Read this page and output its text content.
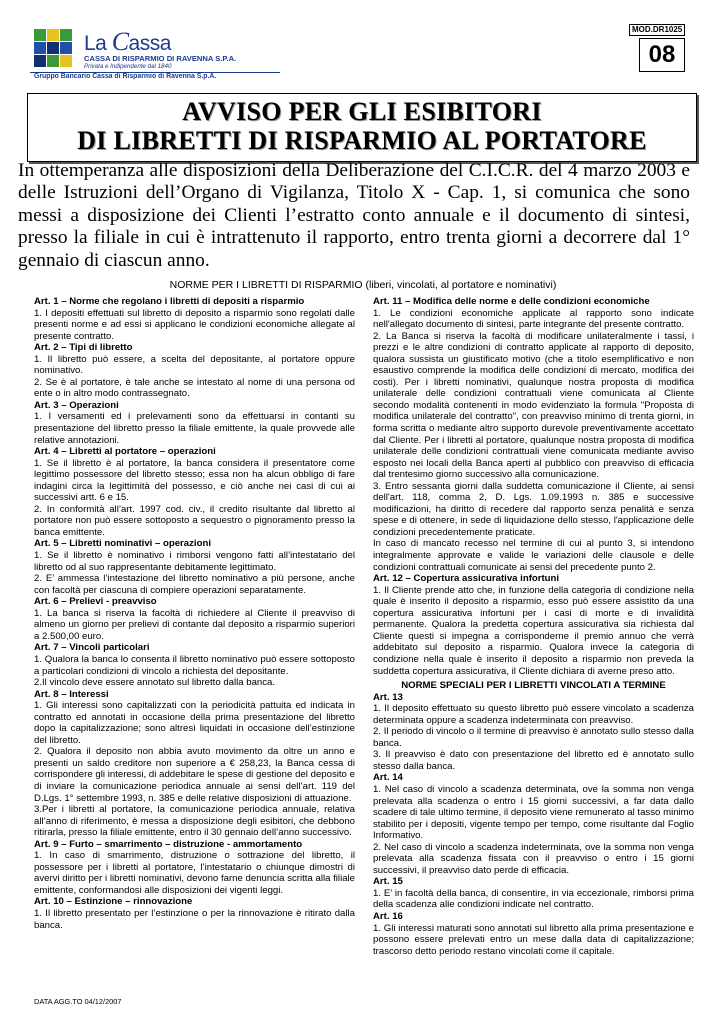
La Cassa
CASSA DI RISPARMIO DI RAVENNA S.P.A.
Privata e Indipendente dal 1840
Gruppo Bancario Cassa di Risparmio di Ravenna S.p.A.
MOD.DR1025
08
AVVISO PER GLI ESIBITORI
DI LIBRETTI DI RISPARMIO AL PORTATORE
In ottemperanza alle disposizioni della Deliberazione del C.I.C.R. del 4 marzo 2003 e delle Istruzioni dell’Organo di Vigilanza, Titolo X - Cap. 1, si comunica che sono messi a disposizione dei Clienti l’estratto conto annuale e il documento di sintesi, presso la filiale in cui è intrattenuto il rapporto, entro trenta giorni a decorrere dal 1° gennaio di ciascun anno.
NORME PER I LIBRETTI DI RISPARMIO (liberi, vincolati, al portatore e nominativi)
Art. 1 – Norme che regolano i libretti di depositi a risparmio
1. I depositi effettuati sul libretto di deposito a risparmio sono regolati dalle presenti norme e ad essi si applicano le condizioni economiche allegate al presente contratto.
Art. 2 – Tipi di libretto
1. Il libretto può essere, a scelta del depositante, al portatore oppure nominativo.
2. Se è al portatore, è tale anche se intestato al nome di una persona od ente o in altro modo contrassegnato.
Art. 3 – Operazioni
1. I versamenti ed i prelevamenti sono da effettuarsi in contanti su presentazione del libretto presso la filiale emittente, la quale provvede alle relative annotazioni.
Art. 4 – Libretti al portatore – operazioni
1. Se il libretto è al portatore, la banca considera il presentatore come legittimo possessore del libretto stesso; essa non ha alcun obbligo di fare indagini circa la legittimità del possesso, e ciò anche nei casi di cui ai successivi artt. 6 e 15.
2. In conformità all’art. 1997 cod. civ., il credito risultante dal libretto al portatore non può essere sottoposto a sequestro o pignoramento presso la banca emittente.
Art. 5 – Libretti nominativi – operazioni
1. Se il libretto è nominativo i rimborsi vengono fatti all’intestatario del libretto od al suo rappresentante debitamente legittimato.
2. E’ ammessa l’intestazione del libretto nominativo a più persone, anche con facoltà per ciascuna di compiere operazioni separatamente.
Art. 6 – Prelievi - preavviso
1. La banca si riserva la facoltà di richiedere al Cliente il preavviso di almeno un giorno per prelievi di contante dal deposito a risparmio superiori a 2.500,00 euro.
Art. 7 – Vincoli particolari
1. Qualora la banca lo consenta il libretto nominativo può essere sottoposto a particolari condizioni di vincolo a richiesta del depositante.
2.Il vincolo deve essere annotato sul libretto dalla banca.
Art. 8 – Interessi
1. Gli interessi sono capitalizzati con la periodicità pattuita ed indicata in contratto ed annotati in occasione della prima presentazione del libretto dopo la capitalizzazione; sono altresì liquidati in occasione dell’estinzione del libretto.
2. Qualora il deposito non abbia avuto movimento da oltre un anno e presenti un saldo creditore non superiore a € 258,23, la Banca cessa di corrispondere gli interessi, di addebitare le spese di gestione del deposito e di inviare la comunicazione periodica annuale ai sensi dell’art. 119 del D.Lgs. 1° settembre 1993, n. 385 e delle relative disposizioni di attuazione.
3.Per i libretti al portatore, la comunicazione periodica annuale, relativa all’anno di riferimento, è messa a disposizione degli esibitori, che debbono ritirarla, presso la filiale emittente, entro il 30 gennaio dell’anno successivo.
Art. 9 – Furto – smarrimento – distruzione - ammortamento
1. In caso di smarrimento, distruzione o sottrazione del libretto, il possessore per i libretti al portatore, l’intestatario o chiunque dimostri di avervi diritto per i libretti nominativi, devono farne denuncia scritta alla filiale emittente, conformandosi alle disposizioni dei vigenti leggi.
Art. 10 – Estinzione – rinnovazione
1. Il libretto presentato per l’estinzione o per la rinnovazione è ritirato dalla banca.
Art. 11 – Modifica delle norme e delle condizioni economiche
1. Le condizioni economiche applicate al rapporto sono indicate nell'allegato documento di sintesi, parte integrante del presente contratto.
2. La Banca si riserva la facoltà di modificare unilateralmente i tassi, i prezzi e le altre condizioni di contratto applicate al rapporto di deposito, qualora sussista un giustificato motivo (che a titolo esemplificativo e non esaustivo comprende la modifica delle condizioni di mercato, modifica dei costi). Per i libretti nominativi, qualunque nostra proposta di modifica unilaterale delle condizioni contrattuali viene comunicata al Cliente secondo modalità contenenti in modo evidenziato la formula "Proposta di modifica unilaterale del contratto", con preavviso minimo di trenta giorni, in forma scritta o mediante altro supporto durevole preventivamente accettato dal Cliente. Per i libretti al portatore, qualunque nostra proposta di modifica unilaterale delle condizioni contrattuali viene comunicata mediante avviso esposto nei locali della Banca aperti al pubblico con preavviso di efficacia dal trentesimo giorno successivo alla comunicazione.
3. Entro sessanta giorni dalla suddetta comunicazione il Cliente, ai sensi dell'art. 118, comma 2, D. Lgs. 1.09.1993 n. 385 e successive modificazioni, ha diritto di recedere dal rapporto senza penalità e senza spese e di ottenere, in sede di liquidazione dello stesso, l'applicazione delle condizioni precedentemente praticate.
In caso di mancato recesso nel termine di cui al punto 3, si intendono integralmente approvate e valide le variazioni delle clausole e delle condizioni contrattuali comunicate ai sensi del precedente punto 2.
Art. 12 – Copertura assicurativa infortuni
1. Il Cliente prende atto che, in funzione della categoria di condizione nella quale è inserito il deposito a risparmio, esso può essere assistito da una copertura assicurativa infortuni per i casi di morte e di invalidità permanente. Qualora la predetta copertura assicurativa sia richiesta dal Cliente questi si impegna a corrisponderne il premio annuo che verrà addebitato sul deposito a risparmio. Qualora invece la categoria di condizione nella quale è inserito il deposito a risparmio non preveda la suddetta copertura assicurativa, il Cliente dichiara di averne preso atto.
NORME SPECIALI PER I LIBRETTI VINCOLATI A TERMINE
Art. 13
1. Il deposito effettuato su questo libretto può essere vincolato a scadenza determinata oppure a scadenza indeterminata con preavviso.
2. Il periodo di vincolo o il termine di preavviso è annotato sullo stesso dalla banca.
3. Il preavviso è dato con presentazione del libretto ed è annotato sullo stesso dalla banca.
Art. 14
1. Nel caso di vincolo a scadenza determinata, ove la somma non venga prelevata alla scadenza o entro i 15 giorni successivi, a far data dallo scadere di tale ultimo termine, il deposito viene remunerato al tasso minimo stabilito per i depositi, vigente tempo per tempo, come risultante dal Foglio Informativo.
2. Nel caso di vincolo a scadenza indeterminata, ove la somma non venga prelevata alla scadenza fissata con il preavviso o entro i 15 giorni successivi, il preavviso dato perde di efficacia.
Art. 15
1. E’ in facoltà della banca, di consentire, in via eccezionale, rimborsi prima della scadenza alle condizioni indicate nel contratto.
Art. 16
1. Gli interessi maturati sono annotati sul libretto alla prima presentazione e possono essere prelevati entro un mese dalla data di capitalizzazione; trascorso detto periodo restano vincolati come il capitale.
DATA AGG.TO 04/12/2007
